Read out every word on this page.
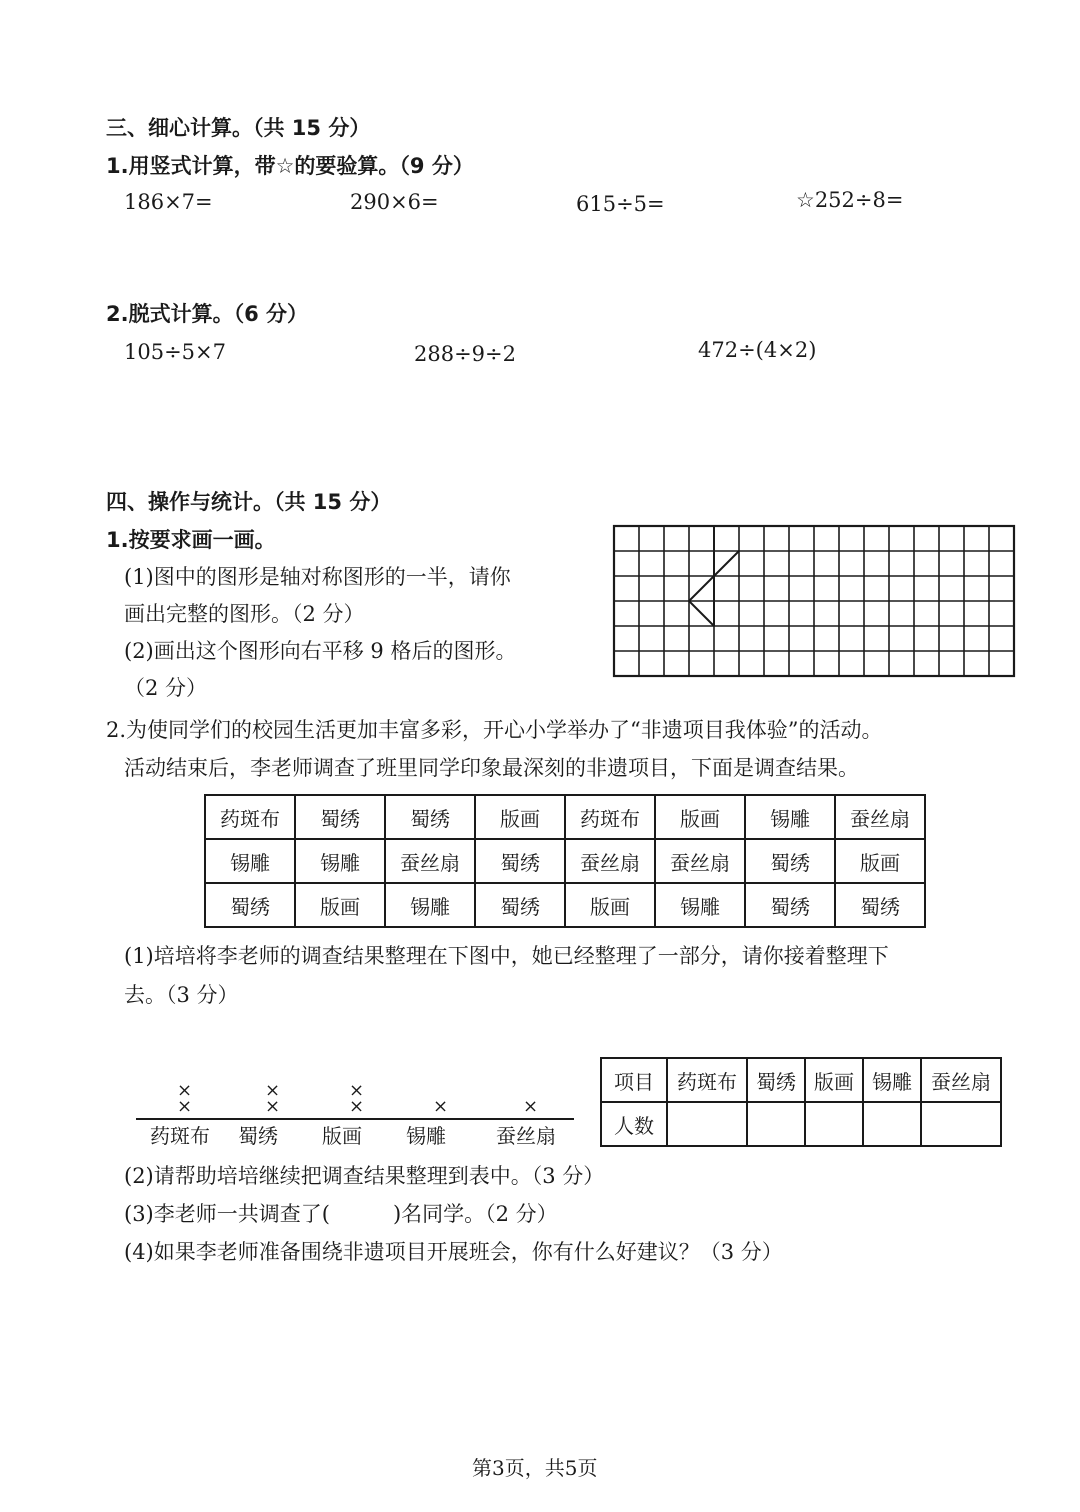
三、细心计算。（共 15 分）
1.用竖式计算，带☆的要验算。（9 分）
186×7=	290×6=	615÷5=	☆252÷8=
2.脱式计算。（6 分）
105÷5×7	288÷9÷2	472÷(4×2)
四、操作与统计。（共 15 分）
1.按要求画一画。
(1)图中的图形是轴对称图形的一半，请你
画出完整的图形。（2 分）
(2)画出这个图形向右平移 9 格后的图形。
（2 分）
2.为使同学们的校园生活更加丰富多彩，开心小学举办了“非遗项目我体验”的活动。
活动结束后，李老师调查了班里同学印象最深刻的非遗项目，下面是调查结果。
药斑布	蜀绣	蜀绣	版画	药斑布	版画	锡雕	蚕丝扇
锡雕	锡雕	蚕丝扇	蜀绣	蚕丝扇	蚕丝扇	蜀绣	版画
蜀绣	版画	锡雕	蜀绣	版画	锡雕	蜀绣	蜀绣
(1)培培将李老师的调查结果整理在下图中，她已经整理了一部分，请你接着整理下
去。（3 分）
×
×
×
×
×
×
×	×
药斑布 蜀绣 版画 锡雕	蚕丝扇
项目	药斑布	蜀绣	版画	锡雕	蚕丝扇
人数					
(2)请帮助培培继续把调查结果整理到表中。（3 分）
(3)李老师一共调查了(　　　)名同学。（2 分）
(4)如果李老师准备围绕非遗项目开展班会，你有什么好建议？（3 分）
第3页，共5页
